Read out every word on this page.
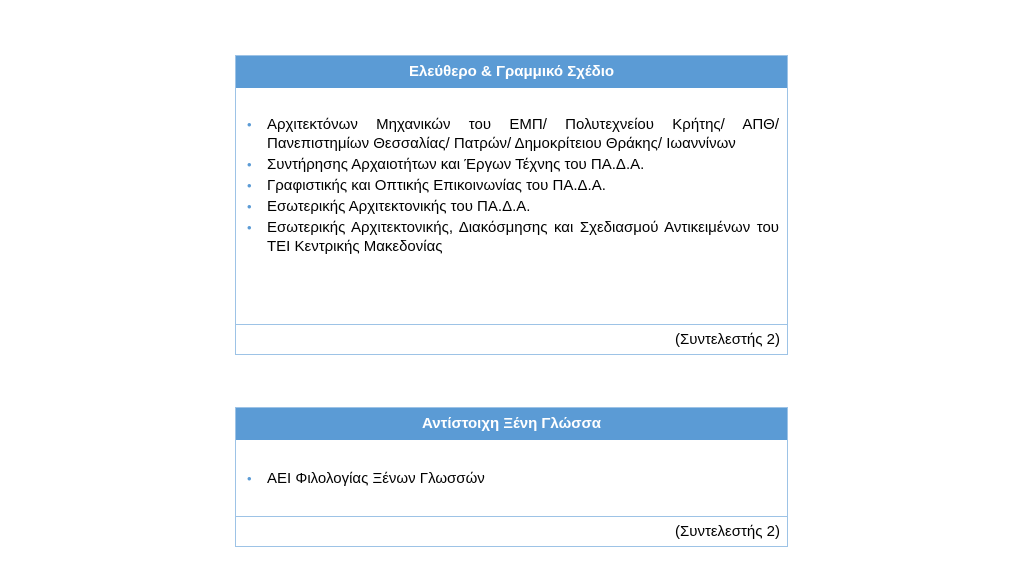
Ελεύθερο & Γραμμικό Σχέδιο
• Αρχιτεκτόνων Μηχανικών του ΕΜΠ/ Πολυτεχνείου Κρήτης/ ΑΠΘ/ Πανεπιστημίων Θεσσαλίας/ Πατρών/ Δημοκρίτειου Θράκης/ Ιωαννίνων
• Συντήρησης Αρχαιοτήτων και Έργων Τέχνης του ΠΑ.Δ.Α.
• Γραφιστικής και Οπτικής Επικοινωνίας του ΠΑ.Δ.Α.
• Εσωτερικής Αρχιτεκτονικής του ΠΑ.Δ.Α.
• Εσωτερικής Αρχιτεκτονικής, Διακόσμησης και Σχεδιασμού Αντικειμένων του ΤΕΙ Κεντρικής Μακεδονίας
(Συντελεστής 2)
Αντίστοιχη Ξένη Γλώσσα
• ΑΕΙ Φιλολογίας Ξένων Γλωσσών
(Συντελεστής 2)
